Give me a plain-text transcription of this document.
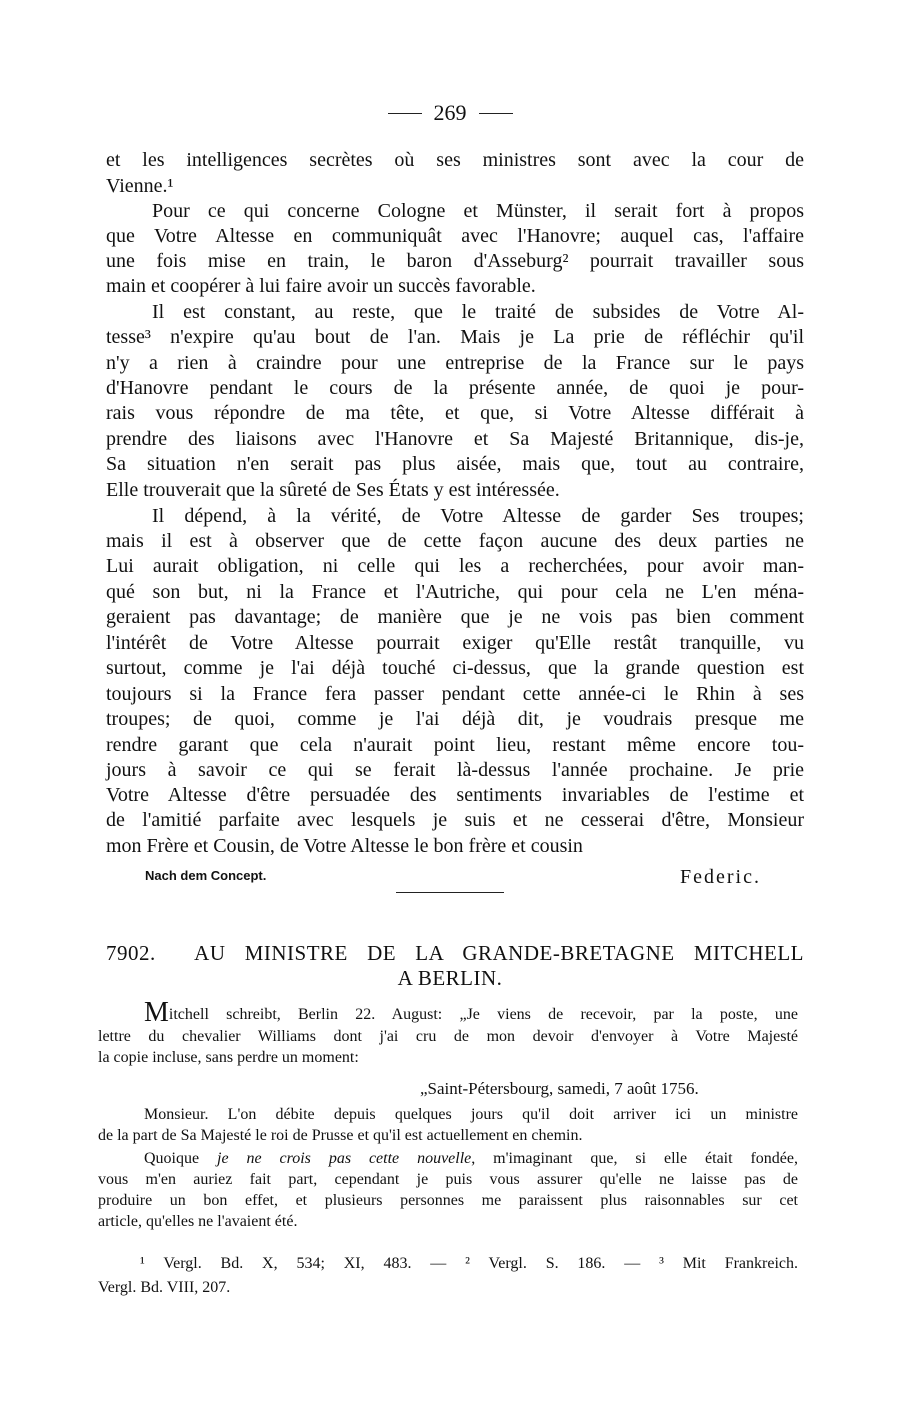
269
et les intelligences secrètes où ses ministres sont avec la cour de
Vienne.¹
Pour ce qui concerne Cologne et Münster, il serait fort à propos
que Votre Altesse en communiquât avec l'Hanovre; auquel cas, l'affaire
une fois mise en train, le baron d'Asseburg² pourrait travailler sous
main et coopérer à lui faire avoir un succès favorable.
Il est constant, au reste, que le traité de subsides de Votre Al-
tesse³ n'expire qu'au bout de l'an. Mais je La prie de réfléchir qu'il
n'y a rien à craindre pour une entreprise de la France sur le pays
d'Hanovre pendant le cours de la présente année, de quoi je pour-
rais vous répondre de ma tête, et que, si Votre Altesse différait à
prendre des liaisons avec l'Hanovre et Sa Majesté Britannique, dis-je,
Sa situation n'en serait pas plus aisée, mais que, tout au contraire,
Elle trouverait que la sûreté de Ses États y est intéressée.
Il dépend, à la vérité, de Votre Altesse de garder Ses troupes;
mais il est à observer que de cette façon aucune des deux parties ne
Lui aurait obligation, ni celle qui les a recherchées, pour avoir man-
qué son but, ni la France et l'Autriche, qui pour cela ne L'en ména-
geraient pas davantage; de manière que je ne vois pas bien comment
l'intérêt de Votre Altesse pourrait exiger qu'Elle restât tranquille, vu
surtout, comme je l'ai déjà touché ci-dessus, que la grande question est
toujours si la France fera passer pendant cette année-ci le Rhin à ses
troupes; de quoi, comme je l'ai déjà dit, je voudrais presque me
rendre garant que cela n'aurait point lieu, restant même encore tou-
jours à savoir ce qui se ferait là-dessus l'année prochaine. Je prie
Votre Altesse d'être persuadée des sentiments invariables de l'estime et
de l'amitié parfaite avec lesquels je suis et ne cesserai d'être, Monsieur
mon Frère et Cousin, de Votre Altesse le bon frère et cousin
Nach dem Concept.	Federic.
7902. AU MINISTRE DE LA GRANDE-BRETAGNE MITCHELL
A BERLIN.
Mitchell schreibt, Berlin 22. August: „Je viens de recevoir, par la poste, une
lettre du chevalier Williams dont j'ai cru de mon devoir d'envoyer à Votre Majesté
la copie incluse, sans perdre un moment:
„Saint-Pétersbourg, samedi, 7 août 1756.
Monsieur. L'on débite depuis quelques jours qu'il doit arriver ici un ministre
de la part de Sa Majesté le roi de Prusse et qu'il est actuellement en chemin.
Quoique je ne crois pas cette nouvelle, m'imaginant que, si elle était fondée,
vous m'en auriez fait part, cependant je puis vous assurer qu'elle ne laisse pas de
produire un bon effet, et plusieurs personnes me paraissent plus raisonnables sur cet
article, qu'elles ne l'avaient été.
¹ Vergl. Bd. X, 534; XI, 483. — ² Vergl. S. 186. — ³ Mit Frankreich.
Vergl. Bd. VIII, 207.
